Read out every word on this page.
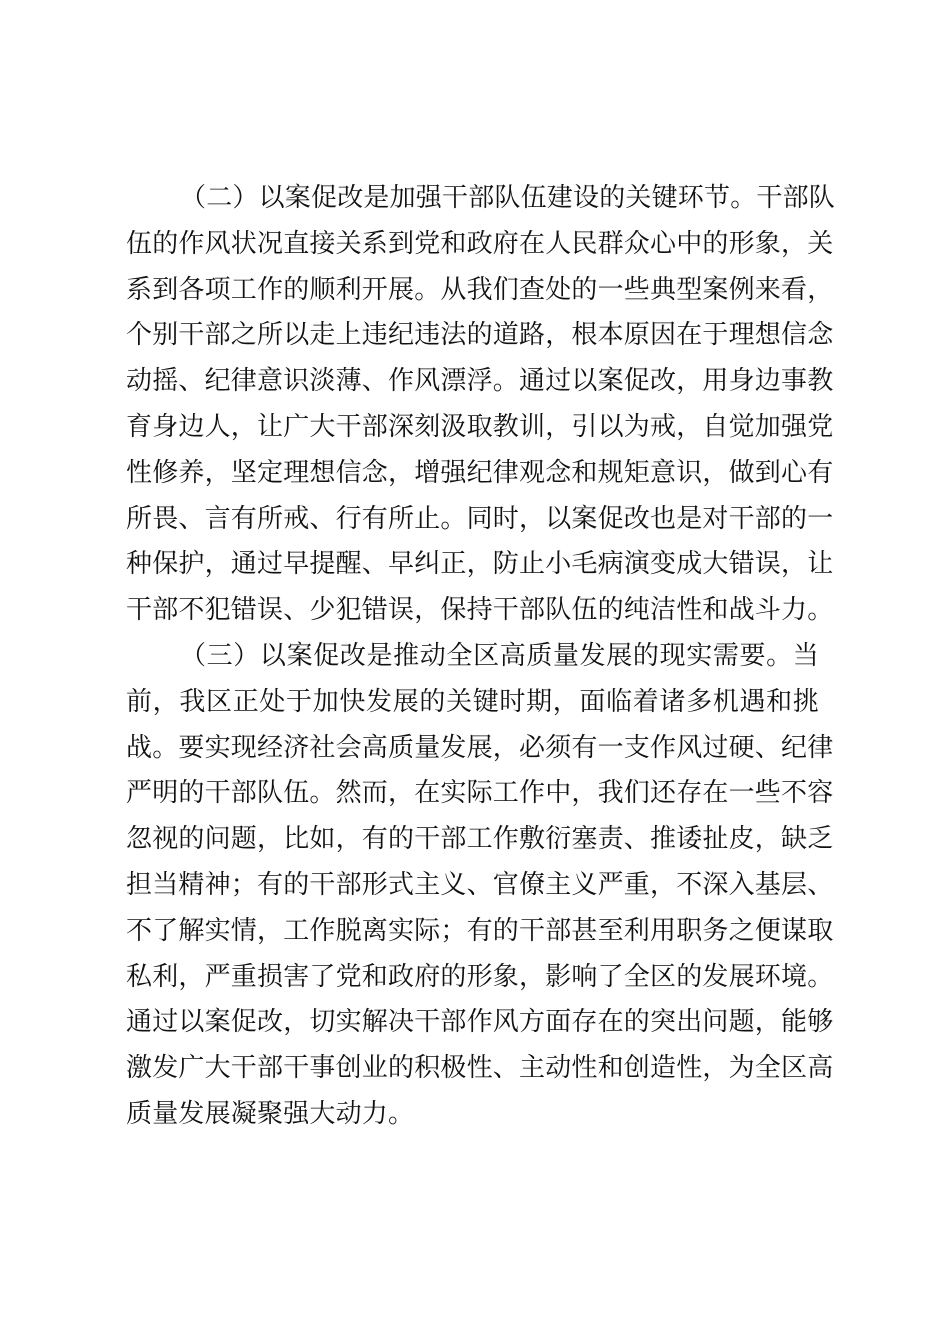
（二）以案促改是加强干部队伍建设的关键环节。干部队
伍的作风状况直接关系到党和政府在人民群众心中的形象，关
系到各项工作的顺利开展。从我们查处的一些典型案例来看，
个别干部之所以走上违纪违法的道路，根本原因在于理想信念
动摇、纪律意识淡薄、作风漂浮。通过以案促改，用身边事教
育身边人，让广大干部深刻汲取教训，引以为戒，自觉加强党
性修养，坚定理想信念，增强纪律观念和规矩意识，做到心有
所畏、言有所戒、行有所止。同时，以案促改也是对干部的一
种保护，通过早提醒、早纠正，防止小毛病演变成大错误，让
干部不犯错误、少犯错误，保持干部队伍的纯洁性和战斗力。
（三）以案促改是推动全区高质量发展的现实需要。当
前，我区正处于加快发展的关键时期，面临着诸多机遇和挑
战。要实现经济社会高质量发展，必须有一支作风过硬、纪律
严明的干部队伍。然而，在实际工作中，我们还存在一些不容
忽视的问题，比如，有的干部工作敷衍塞责、推诿扯皮，缺乏
担当精神；有的干部形式主义、官僚主义严重，不深入基层、
不了解实情，工作脱离实际；有的干部甚至利用职务之便谋取
私利，严重损害了党和政府的形象，影响了全区的发展环境。
通过以案促改，切实解决干部作风方面存在的突出问题，能够
激发广大干部干事创业的积极性、主动性和创造性，为全区高
质量发展凝聚强大动力。
